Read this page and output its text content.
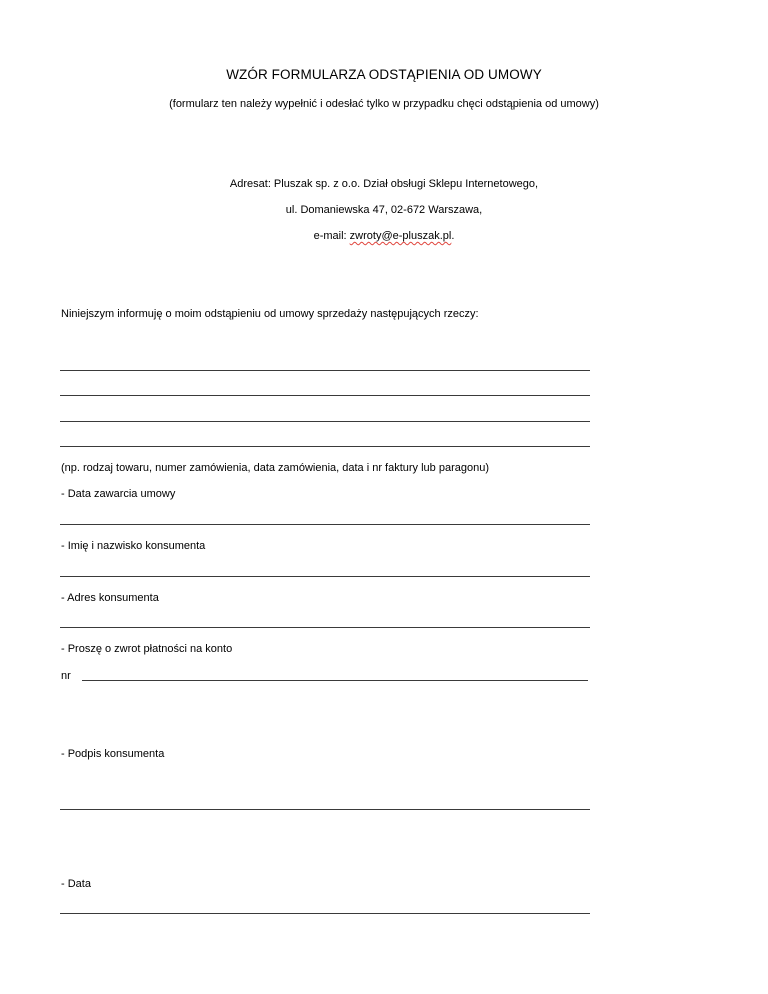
WZÓR FORMULARZA ODSTĄPIENIA OD UMOWY
(formularz ten należy wypełnić i odesłać tylko w przypadku chęci odstąpienia od umowy)
Adresat: Pluszak sp. z o.o. Dział obsługi Sklepu Internetowego,
ul. Domaniewska 47, 02-672 Warszawa,
e-mail: zwroty@e-pluszak.pl.
Niniejszym informuję o moim odstąpieniu od umowy sprzedaży następujących rzeczy:
(np. rodzaj towaru, numer zamówienia, data zamówienia, data i nr faktury lub paragonu)
- Data zawarcia umowy
- Imię i nazwisko konsumenta
- Adres konsumenta
- Proszę o zwrot płatności na konto
nr
- Podpis konsumenta
- Data
